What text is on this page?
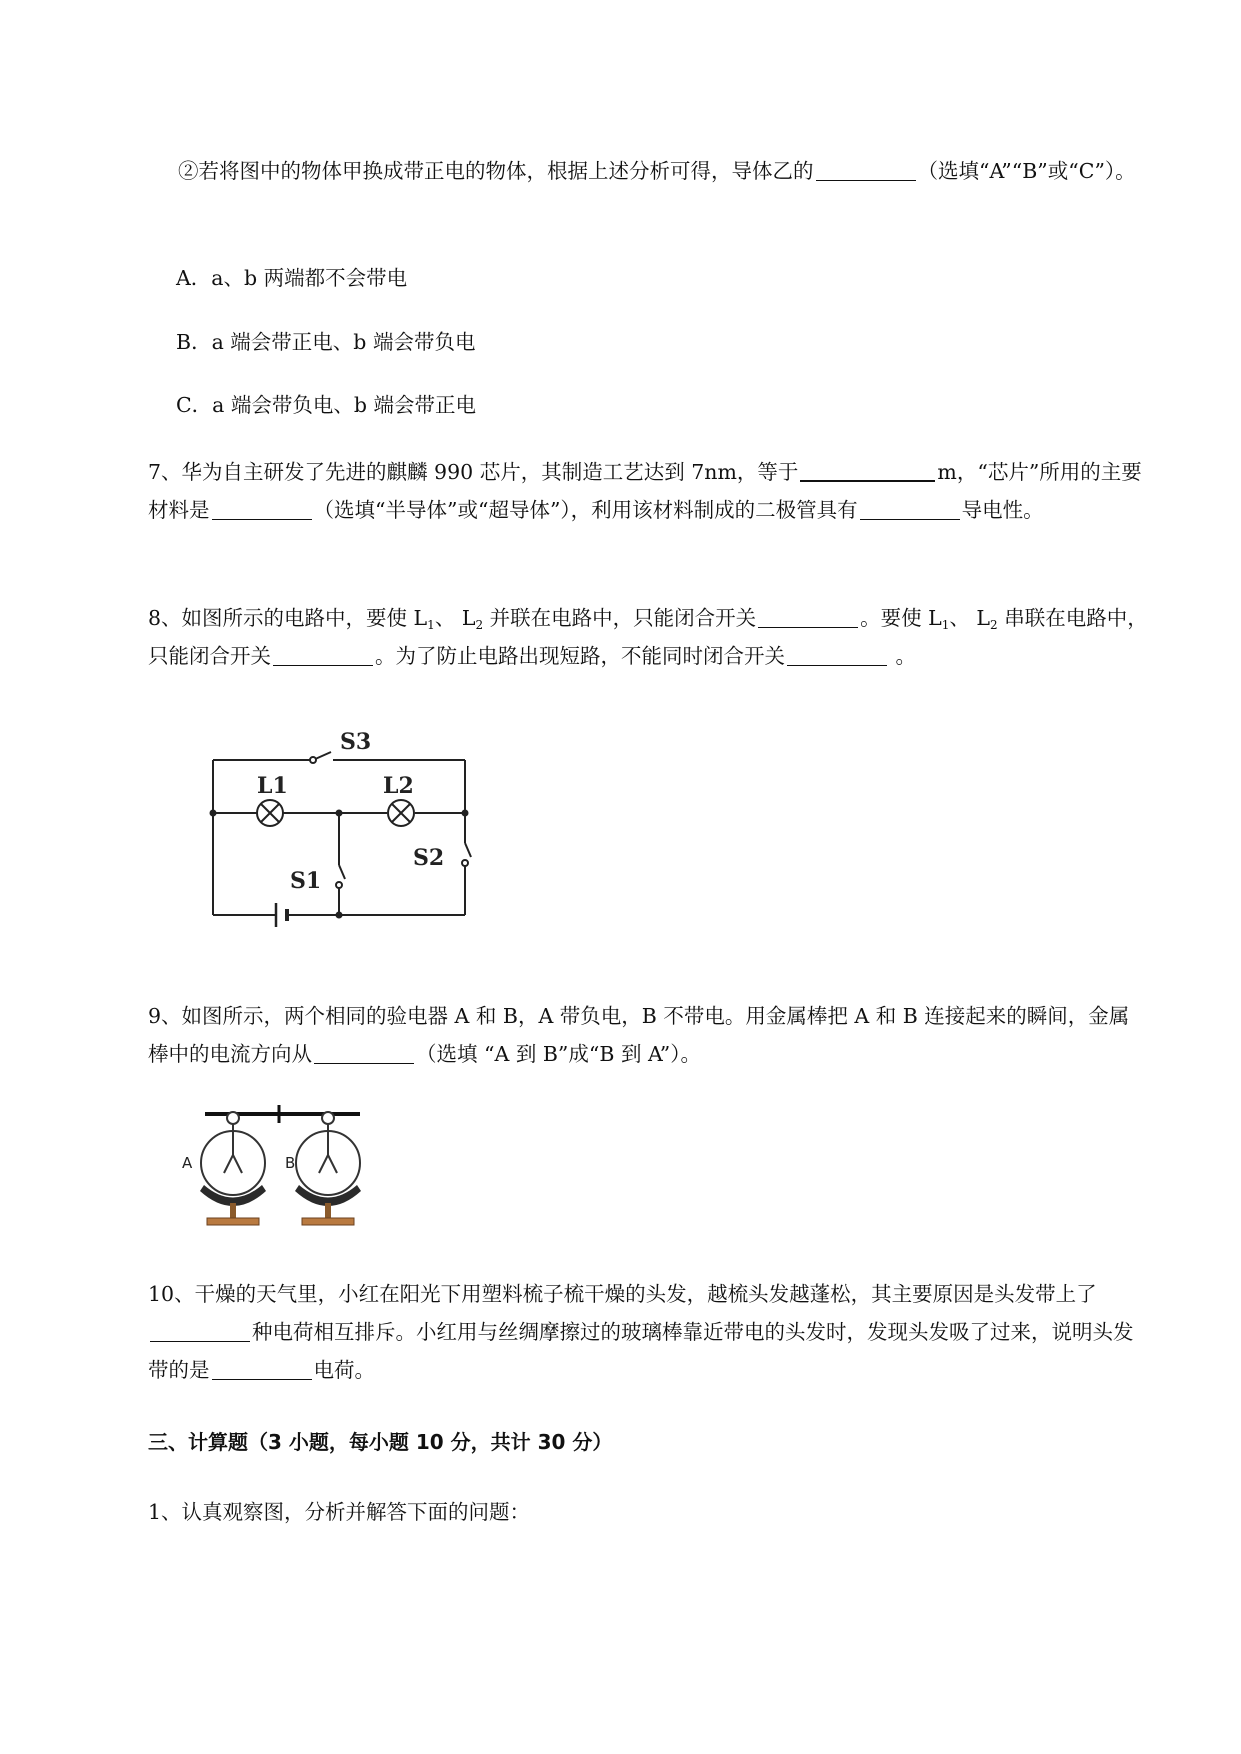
②若将图中的物体甲换成带正电的物体，根据上述分析可得，导体乙的	（选填“A”“B”或“C”）。

A．a、b 两端都不会带电

B．a 端会带正电、b 端会带负电

C．a 端会带负电、b 端会带正电

7、华为自主研发了先进的麒麟 990 芯片，其制造工艺达到 7nm，等于	m，“芯片”所用的主要材料是	（选填“半导体”或“超导体”），利用该材料制成的二极管具有	导电性。

8、如图所示的电路中，要使 $L_1$、 $L_2$ 并联在电路中，只能闭合开关	。要使 $L_1$、 $L_2$ 串联在电路中，只能闭合开关	。为了防止电路出现短路，不能同时闭合开关	。

S3
L1	L2
S1
S2

9、如图所示，两个相同的验电器 A 和 B，A 带负电，B 不带电。用金属棒把 A 和 B 连接起来的瞬间，金属棒中的电流方向从	（选填 “A 到 B”成“B 到 A”）。

A	B

10、干燥的天气里，小红在阳光下用塑料梳子梳干燥的头发，越梳头发越蓬松，其主要原因是头发带上了种电荷相互排斥。小红用与丝绸摩擦过的玻璃棒靠近带电的头发时，发现头发吸了过来，说明头发带的是	电荷。

三、计算题（3 小题，每小题 10 分，共计 30 分）

1、认真观察图，分析并解答下面的问题：
